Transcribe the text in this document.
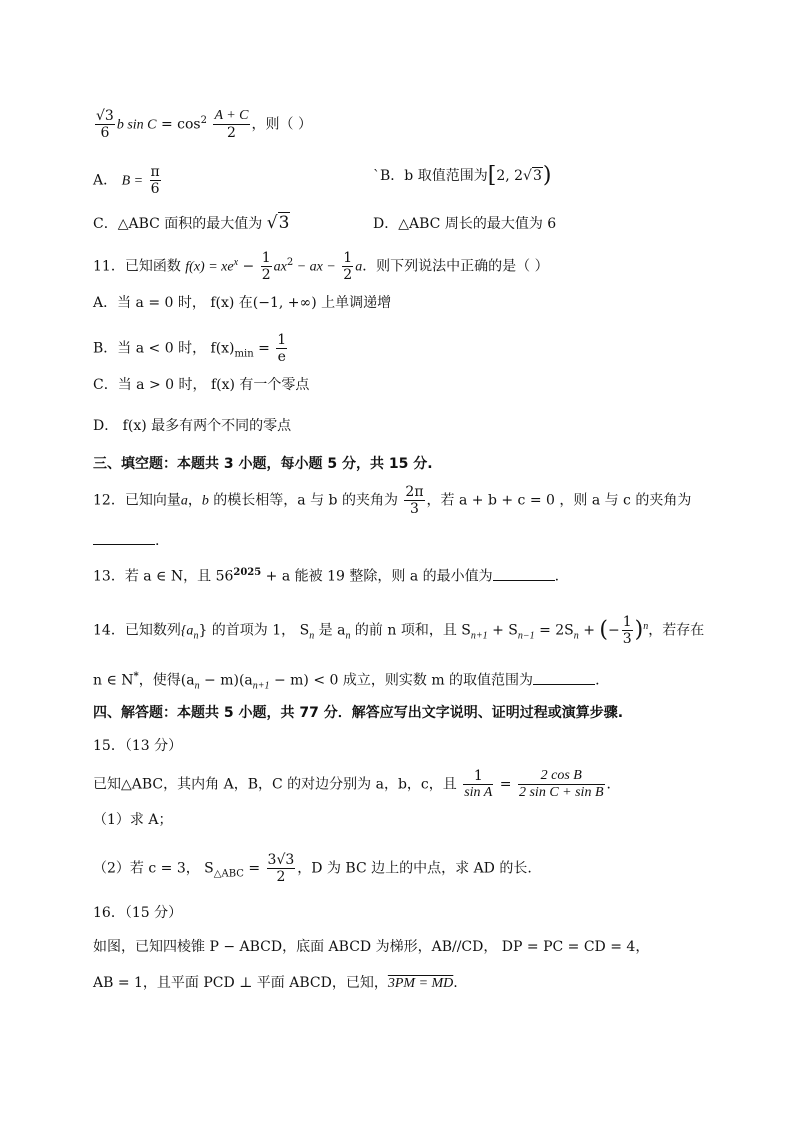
$\frac{√3}{6}$ b $\sin C = \cos^2 \frac{A + C}{2}$ ，则（ ）
A． $B = \frac{\pi}{6}$	`B．b 取值范围为[2, 2√3)
C．△ABC 面积的最大值为 √3	D．△ABC 周长的最大值为 6
11．已知函数 $f(x) = xe^x - \frac{1}{2} ax^2$ − ax − $\frac{1}{2}$ a．则下列说法中正确的是（ ）
A．当 a = 0 时， f(x) 在(−1, +∞) 上单调递增
B．当 a < 0 时， $f(x)_{min} = \frac{1}{e}$
C．当 a > 0 时， f(x) 有一个零点
D． f(x) 最多有两个不同的零点
三、填空题：本题共 3 小题，每小题 5 分，共 15 分.
12．已知向量a，b 的模长相等，a 与 b 的夹角为 $\frac{2\pi}{3}$ ，若 a + b + c = 0 ，则 a 与 c 的夹角为
.
13．若 a ∈ N，且 $56^{2025} + a$ 能被 19 整除，则 a 的最小值为	.
14．已知数列$\{a_n\}$ 的首项为 1， $S_n$ 是 $a_n$ 的前 n 项和，且 $S_{n+1} + S_{n-1} = 2S_n$ + (− $\frac{1}{3} )^n$，若存在
n ∈ N*，使得$(a_n - m)(a_{n+1} - m) < 0$ 成立，则实数 m 的取值范围为	.
四、解答题：本题共 5 小题，共 77 分．解答应写出文字说明、证明过程或演算步骤.
15．（13 分）
已知△ABC，其内角 A，B，C 的对边分别为 a，b，c，且 $\frac{1}{\text{sin A}} = \frac{\text{2 cos B}}{\text{2 sin C + sin B}}$ ．
（1）求 A；
（2）若 c = 3， $S_{\triangle ABC} = \frac{3√3}{2}$ ，D 为 BC 边上的中点，求 AD 的长.
16．（15 分）
如图，已知四棱锥 P − ABCD，底面 ABCD 为梯形，AB//CD， DP = PC = CD = 4，
AB = 1，且平面 PCD ⊥ 平面 ABCD，已知，3PM = MD.
